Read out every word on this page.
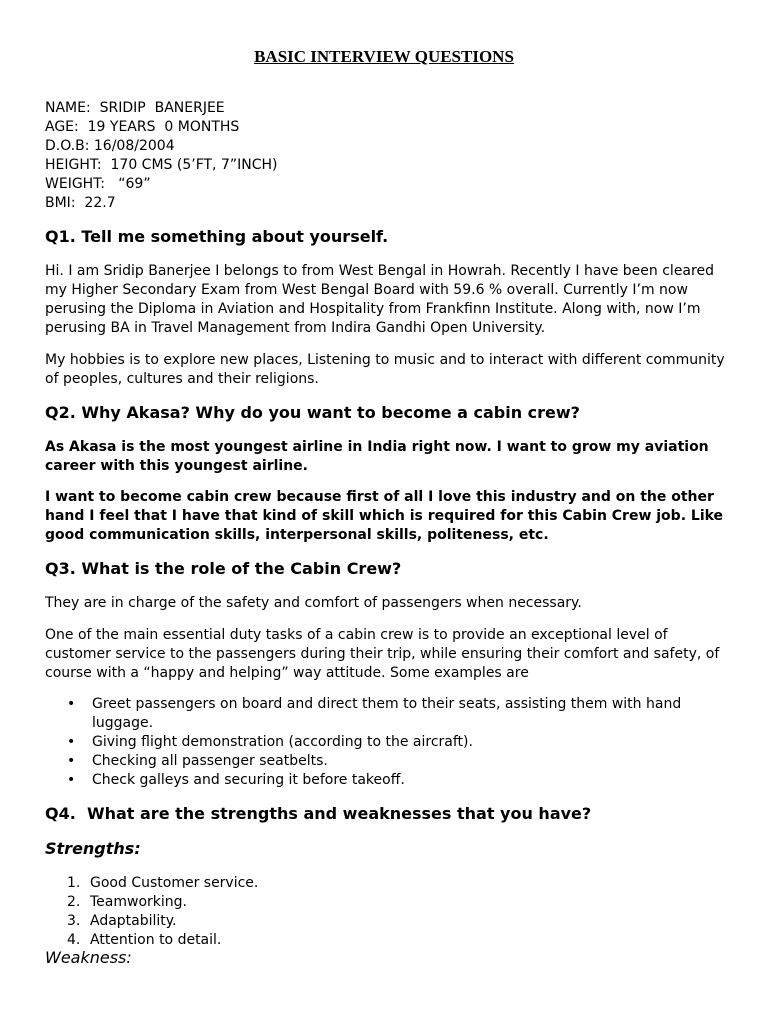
BASIC INTERVIEW QUESTIONS
NAME:  SRIDIP  BANERJEE
AGE:  19 YEARS  0 MONTHS
D.O.B: 16/08/2004
HEIGHT:  170 CMS (5’FT, 7”INCH)
WEIGHT:   “69”
BMI:  22.7
Q1. Tell me something about yourself.
Hi. I am Sridip Banerjee I belongs to from West Bengal in Howrah. Recently I have been cleared my Higher Secondary Exam from West Bengal Board with 59.6 % overall. Currently I’m now perusing the Diploma in Aviation and Hospitality from Frankfinn Institute. Along with, now I’m perusing BA in Travel Management from Indira Gandhi Open University.
My hobbies is to explore new places, Listening to music and to interact with different community of peoples, cultures and their religions.
Q2. Why Akasa? Why do you want to become a cabin crew?
As Akasa is the most youngest airline in India right now. I want to grow my aviation career with this youngest airline.
I want to become cabin crew because first of all I love this industry and on the other hand I feel that I have that kind of skill which is required for this Cabin Crew job. Like good communication skills, interpersonal skills, politeness, etc.
Q3. What is the role of the Cabin Crew?
They are in charge of the safety and comfort of passengers when necessary.
One of the main essential duty tasks of a cabin crew is to provide an exceptional level of customer service to the passengers during their trip, while ensuring their comfort and safety, of course with a “happy and helping” way attitude. Some examples are
• Greet passengers on board and direct them to their seats, assisting them with hand luggage.
• Giving flight demonstration (according to the aircraft).
• Checking all passenger seatbelts.
• Check galleys and securing it before takeoff.
Q4.  What are the strengths and weaknesses that you have?
Strengths:
1. Good Customer service.
2. Teamworking.
3. Adaptability.
4. Attention to detail.
Weakness:
